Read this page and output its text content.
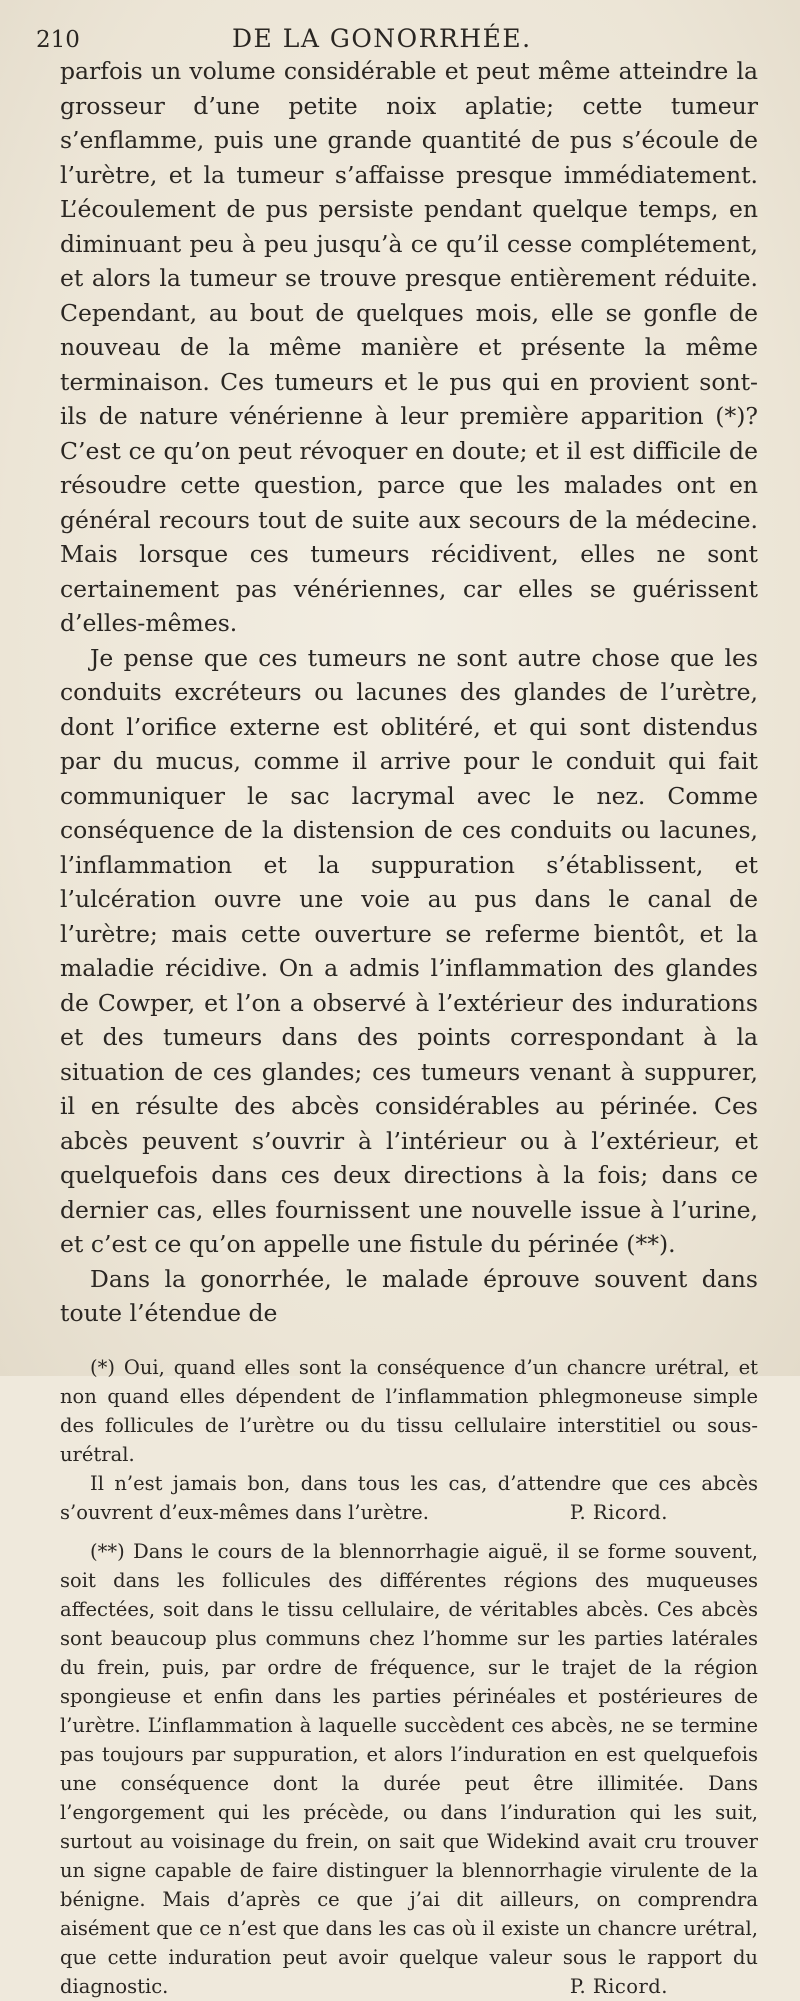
210	DE LA GONORRHÉE.

parfois un volume considérable et peut même atteindre la grosseur d’une petite noix aplatie; cette tumeur s’enflamme, puis une grande quantité de pus s’écoule de l’urètre, et la tumeur s’affaisse presque immédiatement. L’écoulement de pus persiste pendant quelque temps, en diminuant peu à peu jusqu’à ce qu’il cesse complétement, et alors la tumeur se trouve presque entièrement réduite. Cependant, au bout de quelques mois, elle se gonfle de nouveau de la même manière et présente la même terminaison. Ces tumeurs et le pus qui en provient sont-ils de nature vénérienne à leur première apparition (*)? C’est ce qu’on peut révoquer en doute; et il est difficile de résoudre cette question, parce que les malades ont en général recours tout de suite aux secours de la médecine. Mais lorsque ces tumeurs récidivent, elles ne sont certainement pas vénériennes, car elles se guérissent d’elles-mêmes.

Je pense que ces tumeurs ne sont autre chose que les conduits excréteurs ou lacunes des glandes de l’urètre, dont l’orifice externe est oblitéré, et qui sont distendus par du mucus, comme il arrive pour le conduit qui fait communiquer le sac lacrymal avec le nez. Comme conséquence de la distension de ces conduits ou lacunes, l’inflammation et la suppuration s’établissent, et l’ulcération ouvre une voie au pus dans le canal de l’urètre; mais cette ouverture se referme bientôt, et la maladie récidive. On a admis l’inflammation des glandes de Cowper, et l’on a observé à l’extérieur des indurations et des tumeurs dans des points correspondant à la situation de ces glandes; ces tumeurs venant à suppurer, il en résulte des abcès considérables au périnée. Ces abcès peuvent s’ouvrir à l’intérieur ou à l’extérieur, et quelquefois dans ces deux directions à la fois; dans ce dernier cas, elles fournissent une nouvelle issue à l’urine, et c’est ce qu’on appelle une fistule du périnée (**).

Dans la gonorrhée, le malade éprouve souvent dans toute l’étendue de

(*) Oui, quand elles sont la conséquence d’un chancre urétral, et non quand elles dépendent de l’inflammation phlegmoneuse simple des follicules de l’urètre ou du tissu cellulaire interstitiel ou sous-urétral.

Il n’est jamais bon, dans tous les cas, d’attendre que ces abcès s’ouvrent d’eux-mêmes dans l’urètre.	P. Ricord.

(**) Dans le cours de la blennorrhagie aiguë, il se forme souvent, soit dans les follicules des différentes régions des muqueuses affectées, soit dans le tissu cellulaire, de véritables abcès. Ces abcès sont beaucoup plus communs chez l’homme sur les parties latérales du frein, puis, par ordre de fréquence, sur le trajet de la région spongieuse et enfin dans les parties périnéales et postérieures de l’urètre. L’inflammation à laquelle succèdent ces abcès, ne se termine pas toujours par suppuration, et alors l’induration en est quelquefois une conséquence dont la durée peut être illimitée. Dans l’engorgement qui les précède, ou dans l’induration qui les suit, surtout au voisinage du frein, on sait que Widekind avait cru trouver un signe capable de faire distinguer la blennorrhagie virulente de la bénigne. Mais d’après ce que j’ai dit ailleurs, on comprendra aisément que ce n’est que dans les cas où il existe un chancre urétral, que cette induration peut avoir quelque valeur sous le rapport du diagnostic.	P. Ricord.
